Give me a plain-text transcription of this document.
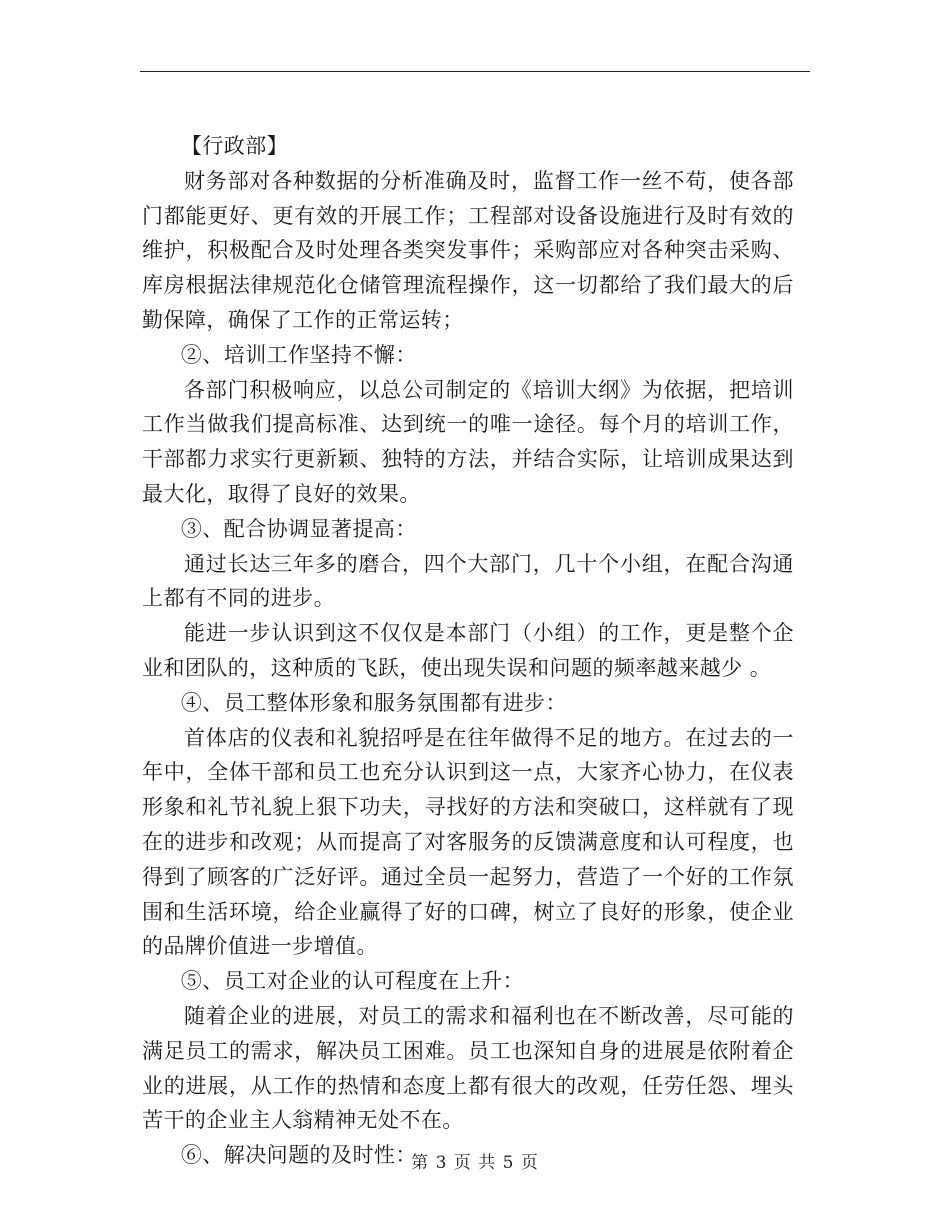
【行政部】

财务部对各种数据的分析准确及时，监督工作一丝不苟，使各部门都能更好、更有效的开展工作；工程部对设备设施进行及时有效的维护，积极配合及时处理各类突发事件；采购部应对各种突击采购、库房根据法律规范化仓储管理流程操作，这一切都给了我们最大的后勤保障，确保了工作的正常运转；

②、培训工作坚持不懈：

各部门积极响应，以总公司制定的《培训大纲》为依据，把培训工作当做我们提高标准、达到统一的唯一途径。每个月的培训工作，干部都力求实行更新颖、独特的方法，并结合实际，让培训成果达到最大化，取得了良好的效果。

③、配合协调显著提高：

通过长达三年多的磨合，四个大部门，几十个小组，在配合沟通上都有不同的进步。

能进一步认识到这不仅仅是本部门（小组）的工作，更是整个企业和团队的，这种质的飞跃，使出现失误和问题的频率越来越少 。

④、员工整体形象和服务氛围都有进步：

首体店的仪表和礼貌招呼是在往年做得不足的地方。在过去的一年中，全体干部和员工也充分认识到这一点，大家齐心协力，在仪表形象和礼节礼貌上狠下功夫，寻找好的方法和突破口，这样就有了现在的进步和改观；从而提高了对客服务的反馈满意度和认可程度，也得到了顾客的广泛好评。通过全员一起努力，营造了一个好的工作氛围和生活环境，给企业赢得了好的口碑，树立了良好的形象，使企业的品牌价值进一步增值。

⑤、员工对企业的认可程度在上升：

随着企业的进展，对员工的需求和福利也在不断改善，尽可能的满足员工的需求，解决员工困难。员工也深知自身的进展是依附着企业的进展，从工作的热情和态度上都有很大的改观，任劳任怨、埋头苦干的企业主人翁精神无处不在。

⑥、解决问题的及时性：

第 3 页 共 5 页
